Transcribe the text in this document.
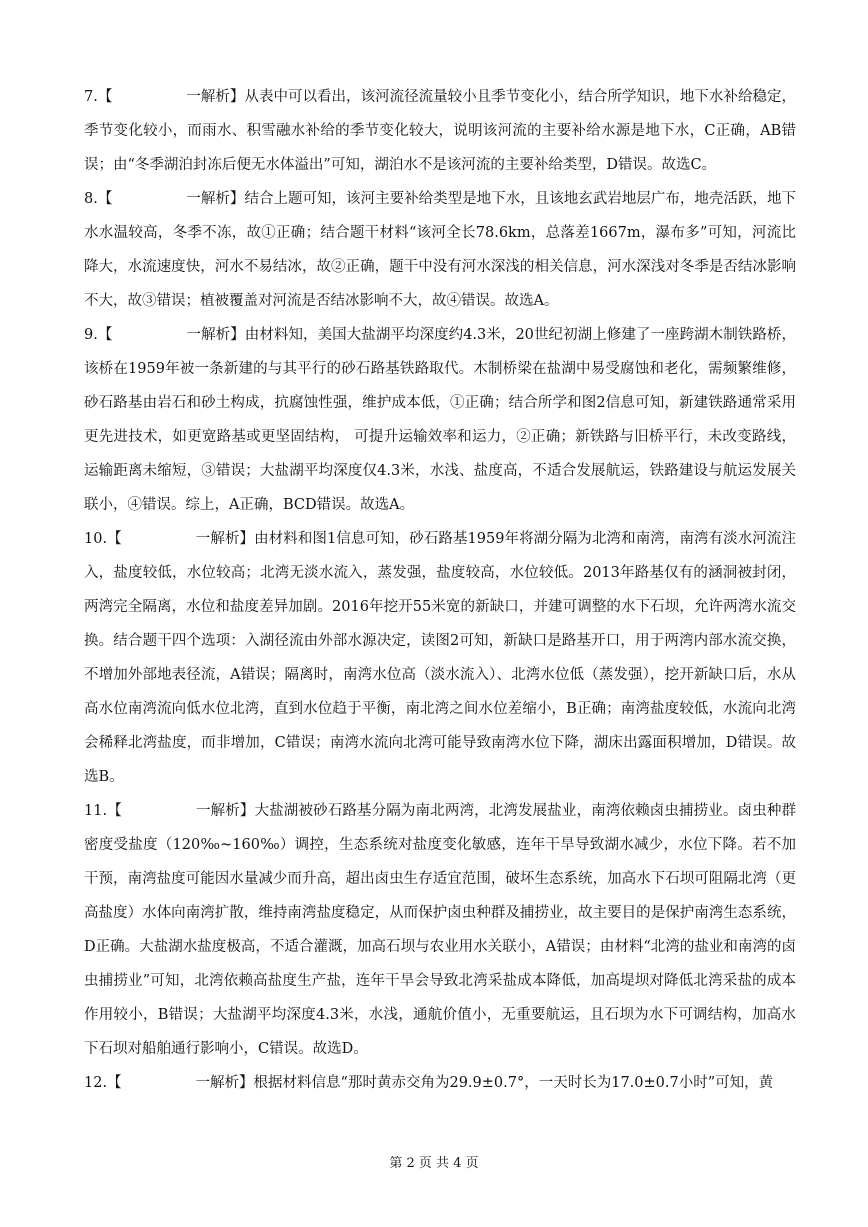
7.【	一解析】从表中可以看出，该河流径流量较小且季节变化小，结合所学知识，地下水补给稳定，季节变化较小，而雨水、积雪融水补给的季节变化较大，说明该河流的主要补给水源是地下水，C正确，AB错误；由“冬季湖泊封冻后便无水体溢出”可知，湖泊水不是该河流的主要补给类型，D错误。故选C。

8.【	一解析】结合上题可知，该河主要补给类型是地下水，且该地玄武岩地层广布，地壳活跃，地下水水温较高，冬季不冻，故①正确；结合题干材料“该河全长78.6km，总落差1667m，瀑布多”可知，河流比降大，水流速度快，河水不易结冰，故②正确，题干中没有河水深浅的相关信息，河水深浅对冬季是否结冰影响不大，故③错误；植被覆盖对河流是否结冰影响不大，故④错误。故选A。

9.【	一解析】由材料知，美国大盐湖平均深度约4.3米，20世纪初湖上修建了一座跨湖木制铁路桥，该桥在1959年被一条新建的与其平行的砂石路基铁路取代。木制桥梁在盐湖中易受腐蚀和老化，需频繁维修，砂石路基由岩石和砂土构成，抗腐蚀性强，维护成本低，①正确；结合所学和图2信息可知，新建铁路通常采用更先进技术，如更宽路基或更坚固结构， 可提升运输效率和运力，②正确；新铁路与旧桥平行，未改变路线，运输距离未缩短，③错误；大盐湖平均深度仅4.3米，水浅、盐度高，不适合发展航运，铁路建设与航运发展关联小，④错误。综上，A正确，BCD错误。故选A。

10.【	一解析】由材料和图1信息可知，砂石路基1959年将湖分隔为北湾和南湾，南湾有淡水河流注入，盐度较低，水位较高；北湾无淡水流入，蒸发强，盐度较高，水位较低。2013年路基仅有的涵洞被封闭，两湾完全隔离，水位和盐度差异加剧。2016年挖开55米宽的新缺口，并建可调整的水下石坝，允许两湾水流交换。结合题干四个选项：入湖径流由外部水源决定，读图2可知，新缺口是路基开口，用于两湾内部水流交换，不增加外部地表径流，A错误；隔离时，南湾水位高（淡水流入）、北湾水位低（蒸发强），挖开新缺口后，水从高水位南湾流向低水位北湾，直到水位趋于平衡，南北湾之间水位差缩小，B正确；南湾盐度较低，水流向北湾会稀释北湾盐度，而非增加，C错误；南湾水流向北湾可能导致南湾水位下降，湖床出露面积增加，D错误。故选B。

11.【	一解析】大盐湖被砂石路基分隔为南北两湾，北湾发展盐业，南湾依赖卤虫捕捞业。卤虫种群密度受盐度（120‰~160‰）调控，生态系统对盐度变化敏感，连年干旱导致湖水减少，水位下降。若不加干预，南湾盐度可能因水量减少而升高，超出卤虫生存适宜范围，破坏生态系统，加高水下石坝可阻隔北湾（更高盐度）水体向南湾扩散，维持南湾盐度稳定，从而保护卤虫种群及捕捞业，故主要目的是保护南湾生态系统，D正确。大盐湖水盐度极高，不适合灌溉，加高石坝与农业用水关联小，A错误；由材料“北湾的盐业和南湾的卤虫捕捞业”可知，北湾依赖高盐度生产盐，连年干旱会导致北湾采盐成本降低，加高堤坝对降低北湾采盐的成本作用较小，B错误；大盐湖平均深度4.3米，水浅，通航价值小，无重要航运，且石坝为水下可调结构，加高水下石坝对船舶通行影响小，C错误。故选D。

12.【	一解析】根据材料信息“那时黄赤交角为29.9±0.7°，一天时长为17.0±0.7小时”可知，黄

第 2 页 共 4 页
